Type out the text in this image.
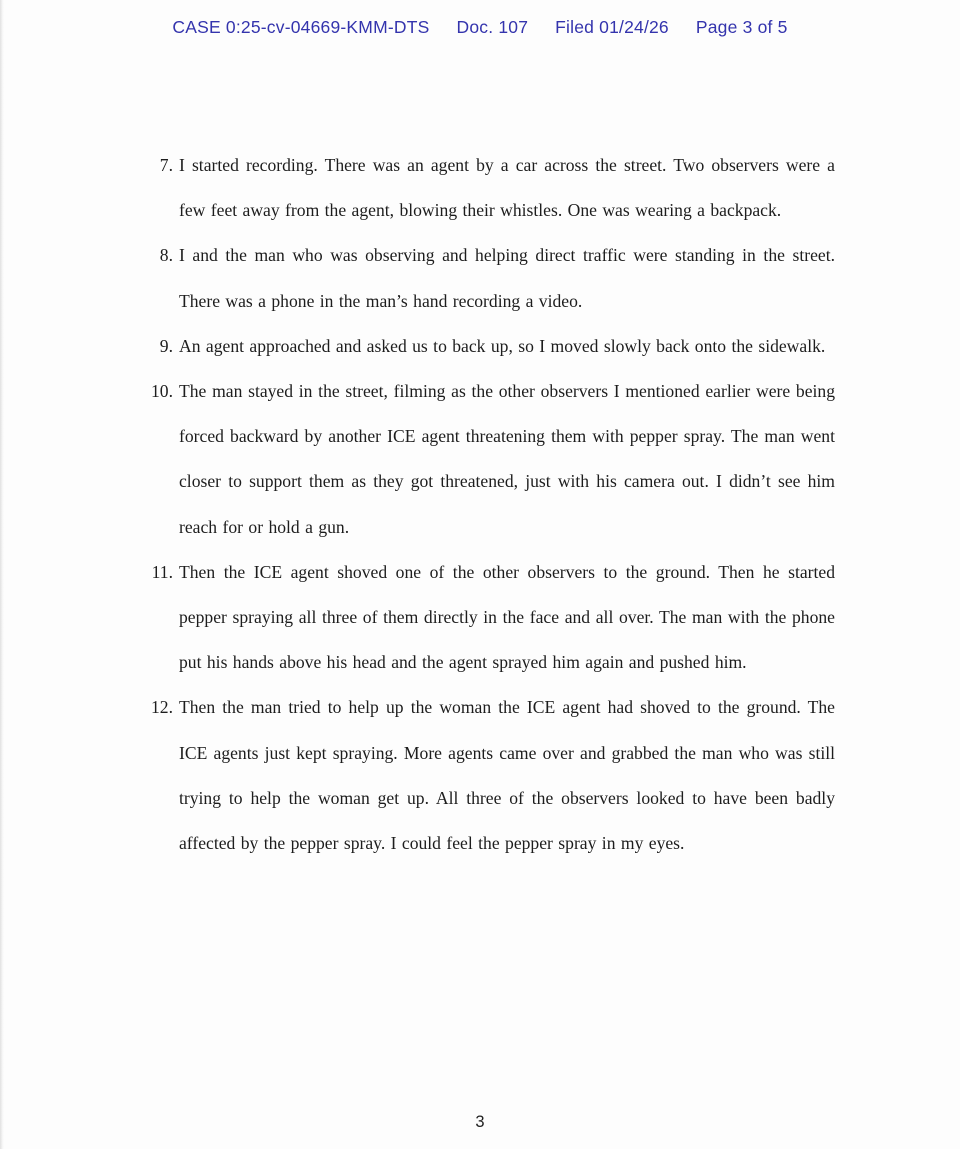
CASE 0:25-cv-04669-KMM-DTS Doc. 107 Filed 01/24/26 Page 3 of 5
7. I started recording. There was an agent by a car across the street. Two observers were a few feet away from the agent, blowing their whistles. One was wearing a backpack.
8. I and the man who was observing and helping direct traffic were standing in the street. There was a phone in the man’s hand recording a video.
9. An agent approached and asked us to back up, so I moved slowly back onto the sidewalk.
10. The man stayed in the street, filming as the other observers I mentioned earlier were being forced backward by another ICE agent threatening them with pepper spray. The man went closer to support them as they got threatened, just with his camera out. I didn’t see him reach for or hold a gun.
11. Then the ICE agent shoved one of the other observers to the ground. Then he started pepper spraying all three of them directly in the face and all over. The man with the phone put his hands above his head and the agent sprayed him again and pushed him.
12. Then the man tried to help up the woman the ICE agent had shoved to the ground. The ICE agents just kept spraying. More agents came over and grabbed the man who was still trying to help the woman get up. All three of the observers looked to have been badly affected by the pepper spray. I could feel the pepper spray in my eyes.
3
